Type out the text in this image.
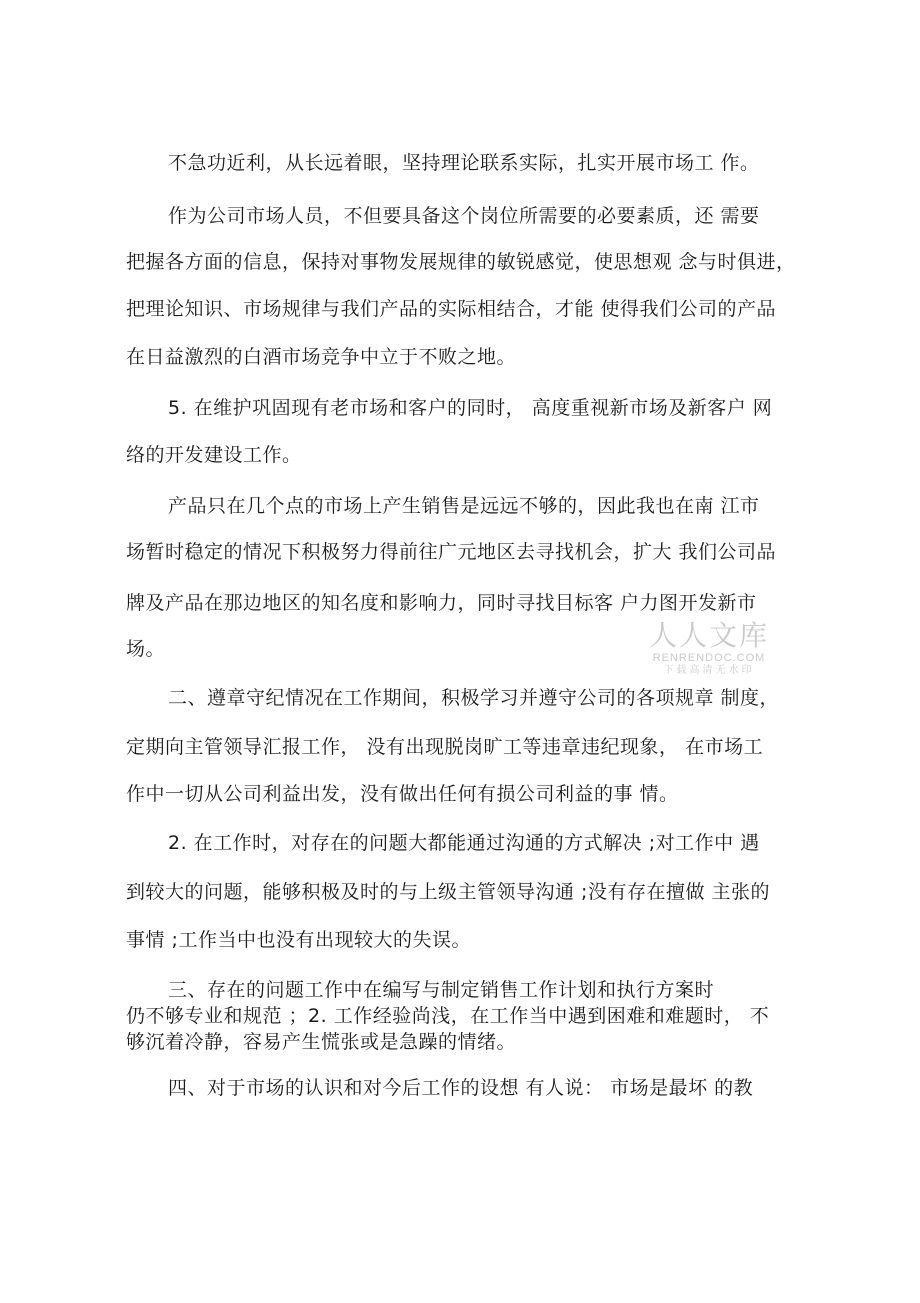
不急功近利，从长远着眼，坚持理论联系实际，扎实开展市场工 作。
作为公司市场人员，不但要具备这个岗位所需要的必要素质，还 需要
把握各方面的信息，保持对事物发展规律的敏锐感觉，使思想观 念与时俱进，
把理论知识、市场规律与我们产品的实际相结合，才能 使得我们公司的产品
在日益激烈的白酒市场竞争中立于不败之地。
5. 在维护巩固现有老市场和客户的同时， 高度重视新市场及新客户 网
络的开发建设工作。
产品只在几个点的市场上产生销售是远远不够的，因此我也在南 江市
场暂时稳定的情况下积极努力得前往广元地区去寻找机会，扩大 我们公司品
牌及产品在那边地区的知名度和影响力，同时寻找目标客 户力图开发新市
场。
二、遵章守纪情况在工作期间，积极学习并遵守公司的各项规章 制度，
定期向主管领导汇报工作， 没有出现脱岗旷工等违章违纪现象， 在市场工
作中一切从公司利益出发，没有做出任何有损公司利益的事 情。
2. 在工作时，对存在的问题大都能通过沟通的方式解决 ;对工作中 遇
到较大的问题，能够积极及时的与上级主管领导沟通 ;没有存在擅做 主张的
事情 ;工作当中也没有出现较大的失误。
三、存在的问题工作中在编写与制定销售工作计划和执行方案时
仍不够专业和规范 ；2. 工作经验尚浅，在工作当中遇到困难和难题时， 不
够沉着冷静，容易产生慌张或是急躁的情绪。
四、对于市场的认识和对今后工作的设想 有人说： 市场是最坏 的教
人人文库
RENRENDOC.COM
下载高清无水印
